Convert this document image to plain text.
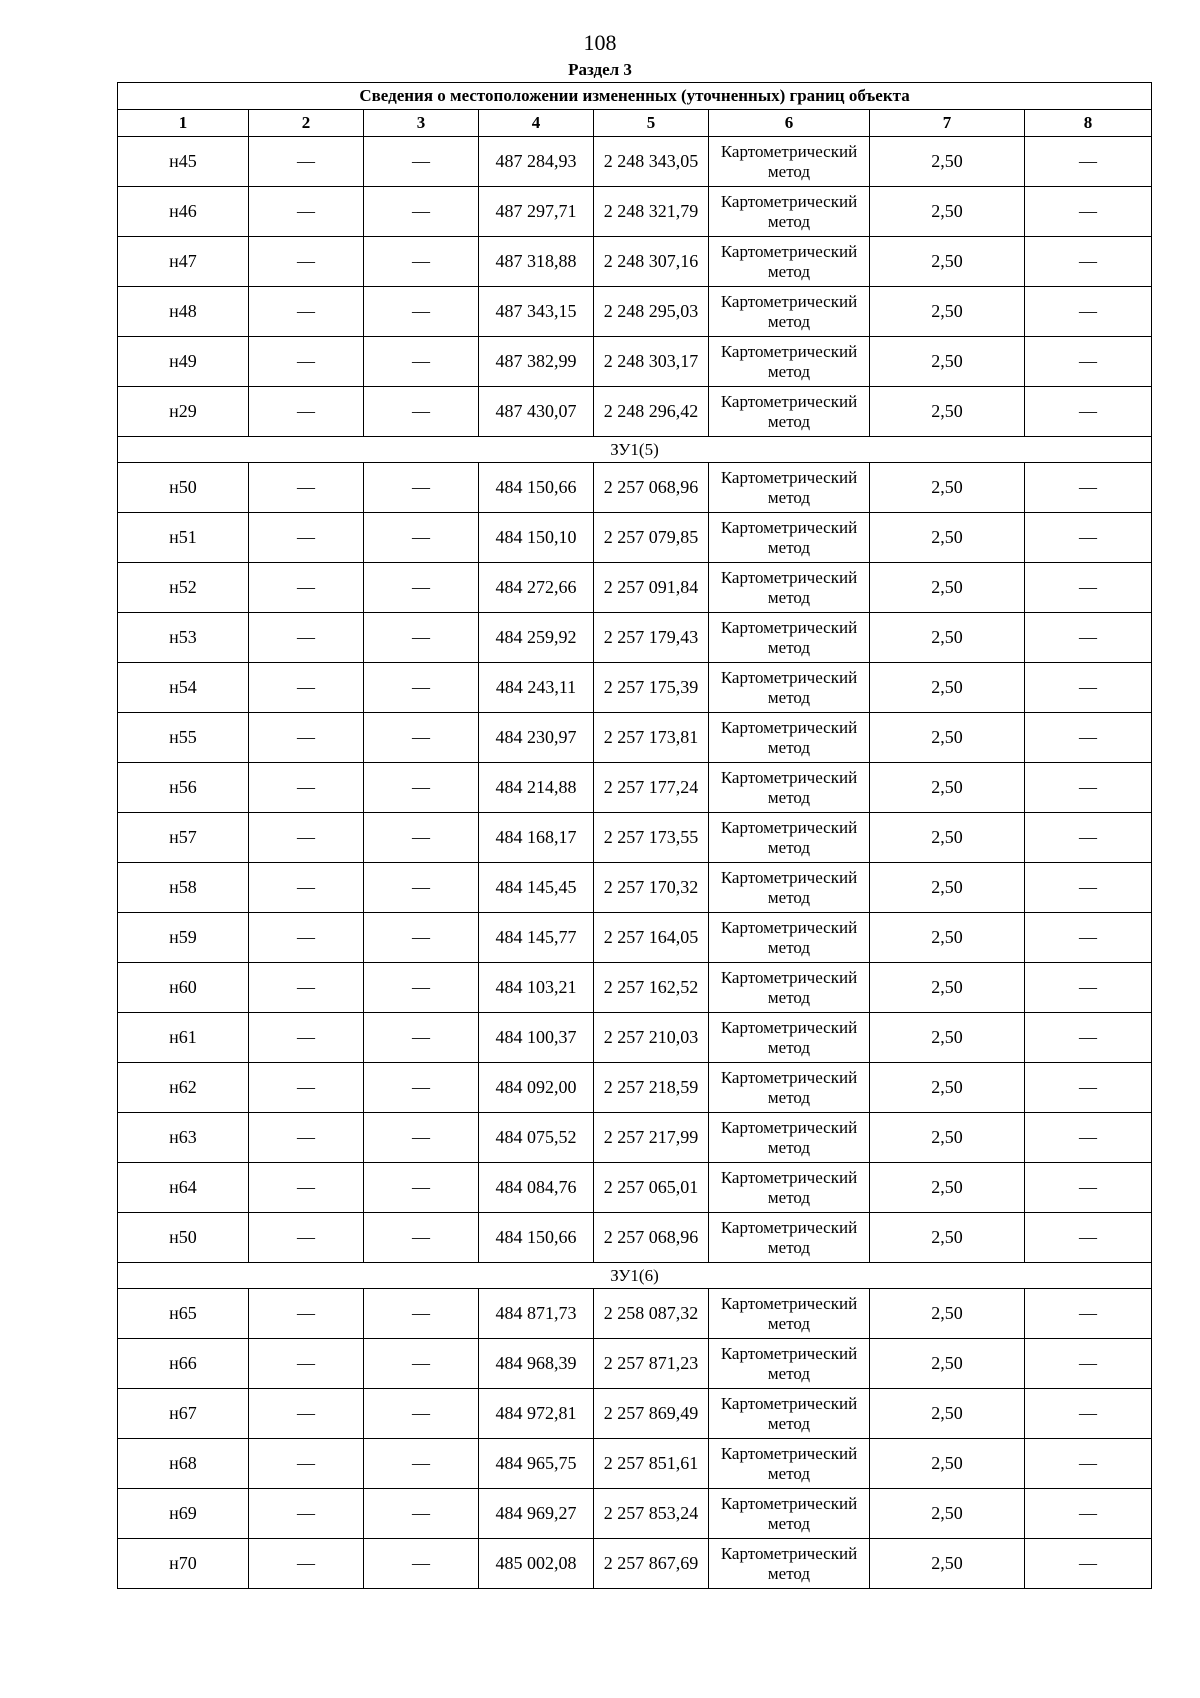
108
Раздел 3
Сведения о местоположении измененных (уточненных) границ объекта							
1	2	3	4	5	6	7	8
н45	—	—	487 284,93	2 248 343,05	Картометрический метод	2,50	—
н46	—	—	487 297,71	2 248 321,79	Картометрический метод	2,50	—
н47	—	—	487 318,88	2 248 307,16	Картометрический метод	2,50	—
н48	—	—	487 343,15	2 248 295,03	Картометрический метод	2,50	—
н49	—	—	487 382,99	2 248 303,17	Картометрический метод	2,50	—
н29	—	—	487 430,07	2 248 296,42	Картометрический метод	2,50	—
ЗУ1(5)							
н50	—	—	484 150,66	2 257 068,96	Картометрический метод	2,50	—
н51	—	—	484 150,10	2 257 079,85	Картометрический метод	2,50	—
н52	—	—	484 272,66	2 257 091,84	Картометрический метод	2,50	—
н53	—	—	484 259,92	2 257 179,43	Картометрический метод	2,50	—
н54	—	—	484 243,11	2 257 175,39	Картометрический метод	2,50	—
н55	—	—	484 230,97	2 257 173,81	Картометрический метод	2,50	—
н56	—	—	484 214,88	2 257 177,24	Картометрический метод	2,50	—
н57	—	—	484 168,17	2 257 173,55	Картометрический метод	2,50	—
н58	—	—	484 145,45	2 257 170,32	Картометрический метод	2,50	—
н59	—	—	484 145,77	2 257 164,05	Картометрический метод	2,50	—
н60	—	—	484 103,21	2 257 162,52	Картометрический метод	2,50	—
н61	—	—	484 100,37	2 257 210,03	Картометрический метод	2,50	—
н62	—	—	484 092,00	2 257 218,59	Картометрический метод	2,50	—
н63	—	—	484 075,52	2 257 217,99	Картометрический метод	2,50	—
н64	—	—	484 084,76	2 257 065,01	Картометрический метод	2,50	—
н50	—	—	484 150,66	2 257 068,96	Картометрический метод	2,50	—
ЗУ1(6)							
н65	—	—	484 871,73	2 258 087,32	Картометрический метод	2,50	—
н66	—	—	484 968,39	2 257 871,23	Картометрический метод	2,50	—
н67	—	—	484 972,81	2 257 869,49	Картометрический метод	2,50	—
н68	—	—	484 965,75	2 257 851,61	Картометрический метод	2,50	—
н69	—	—	484 969,27	2 257 853,24	Картометрический метод	2,50	—
н70	—	—	485 002,08	2 257 867,69	Картометрический метод	2,50	—
